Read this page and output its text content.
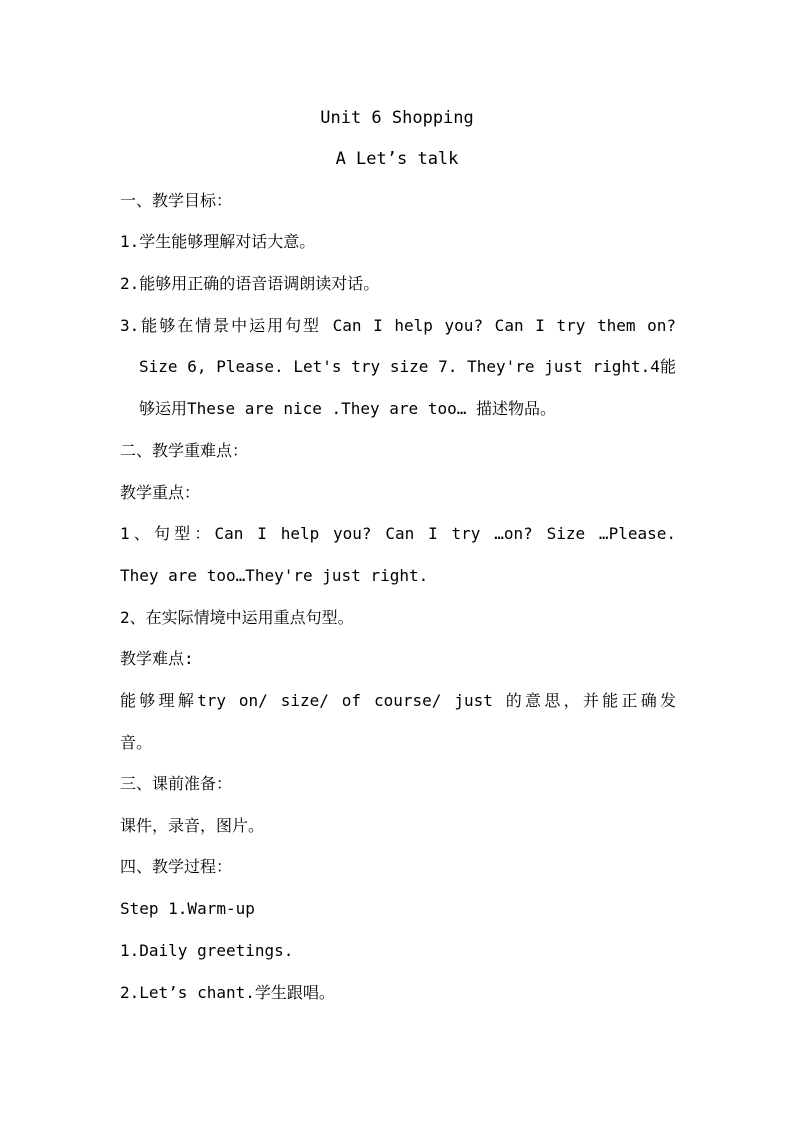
Unit 6 Shopping
A Let’s talk
一、教学目标：
1.学生能够理解对话大意。
2.能够用正确的语音语调朗读对话。
3.能够在情景中运用句型 Can I help you? Can I try them on?
Size 6, Please. Let's try size 7. They're just right.4能
够运用These are nice .They are too… 描述物品。
二、教学重难点：
教学重点：
1、句型：Can I help you? Can I try …on? Size …Please.
They are too…They're just right.
2、在实际情境中运用重点句型。
教学难点:
能够理解try on/ size/ of course/ just 的意思，并能正确发
音。
三、课前准备：
课件，录音，图片。
四、教学过程：
Step 1.Warm-up
1.Daily greetings.
2.Let’s chant.学生跟唱。
